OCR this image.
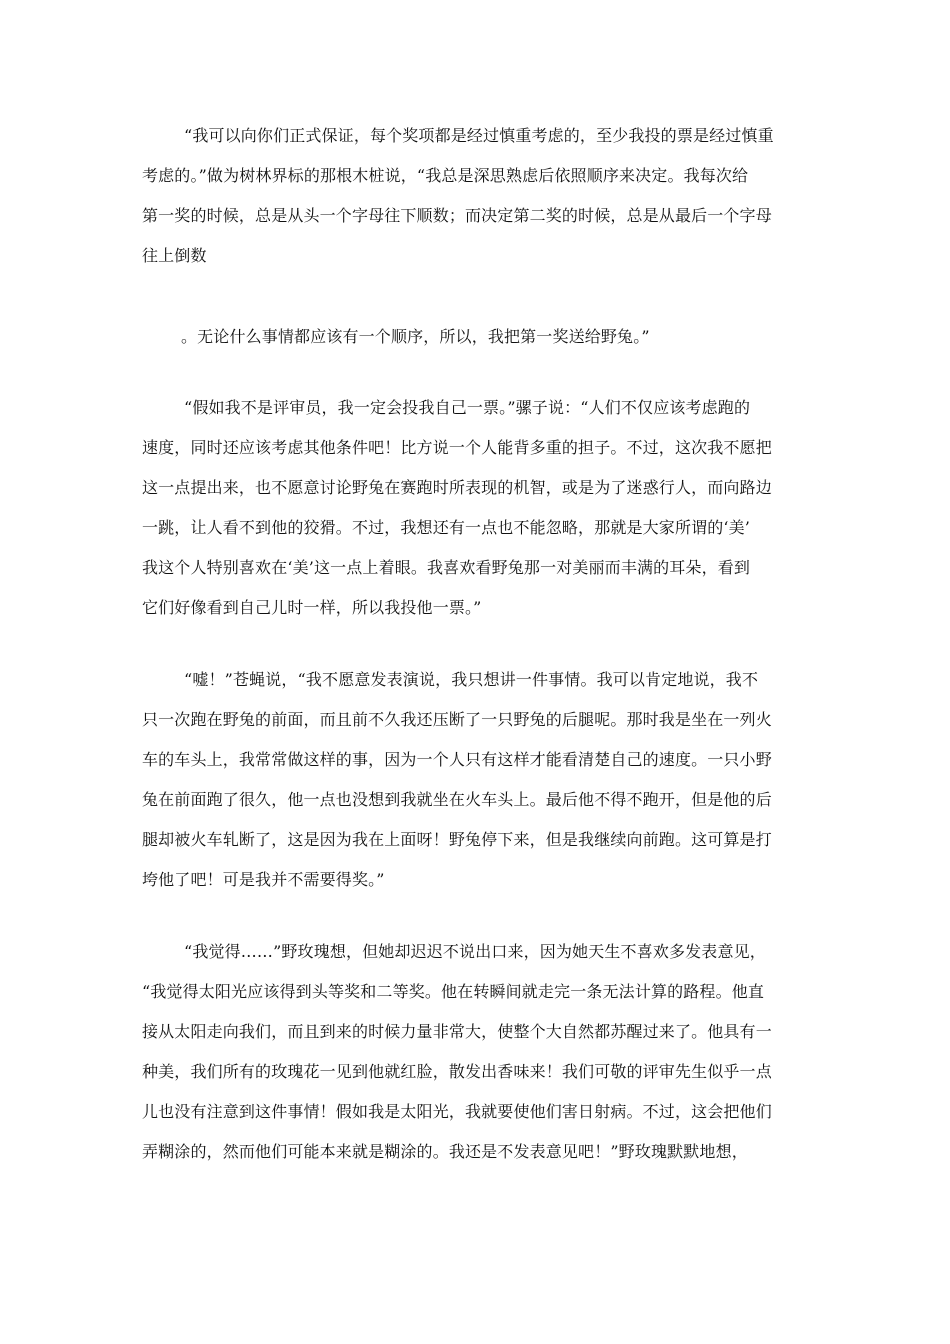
“我可以向你们正式保证，每个奖项都是经过慎重考虑的，至少我投的票是经过慎重
考虑的。”做为树林界标的那根木桩说，“我总是深思熟虑后依照顺序来决定。我每次给
第一奖的时候，总是从头一个字母往下顺数；而决定第二奖的时候，总是从最后一个字母
往上倒数
。无论什么事情都应该有一个顺序，所以，我把第一奖送给野兔。”
“假如我不是评审员，我一定会投我自己一票。”骡子说：“人们不仅应该考虑跑的
速度，同时还应该考虑其他条件吧！比方说一个人能背多重的担子。不过，这次我不愿把
这一点提出来，也不愿意讨论野兔在赛跑时所表现的机智，或是为了迷惑行人，而向路边
一跳，让人看不到他的狡猾。不过，我想还有一点也不能忽略，那就是大家所谓的‘美’
我这个人特别喜欢在‘美’这一点上着眼。我喜欢看野兔那一对美丽而丰满的耳朵，看到
它们好像看到自己儿时一样，所以我投他一票。”
“嘘！”苍蝇说，“我不愿意发表演说，我只想讲一件事情。我可以肯定地说，我不
只一次跑在野兔的前面，而且前不久我还压断了一只野兔的后腿呢。那时我是坐在一列火
车的车头上，我常常做这样的事，因为一个人只有这样才能看清楚自己的速度。一只小野
兔在前面跑了很久，他一点也没想到我就坐在火车头上。最后他不得不跑开，但是他的后
腿却被火车轧断了，这是因为我在上面呀！野兔停下来，但是我继续向前跑。这可算是打
垮他了吧！可是我并不需要得奖。”
“我觉得……”野玫瑰想，但她却迟迟不说出口来，因为她天生不喜欢多发表意见，
“我觉得太阳光应该得到头等奖和二等奖。他在转瞬间就走完一条无法计算的路程。他直
接从太阳走向我们，而且到来的时候力量非常大，使整个大自然都苏醒过来了。他具有一
种美，我们所有的玫瑰花一见到他就红脸，散发出香味来！我们可敬的评审先生似乎一点
儿也没有注意到这件事情！假如我是太阳光，我就要使他们害日射病。不过，这会把他们
弄糊涂的，然而他们可能本来就是糊涂的。我还是不发表意见吧！”野玫瑰默默地想，
